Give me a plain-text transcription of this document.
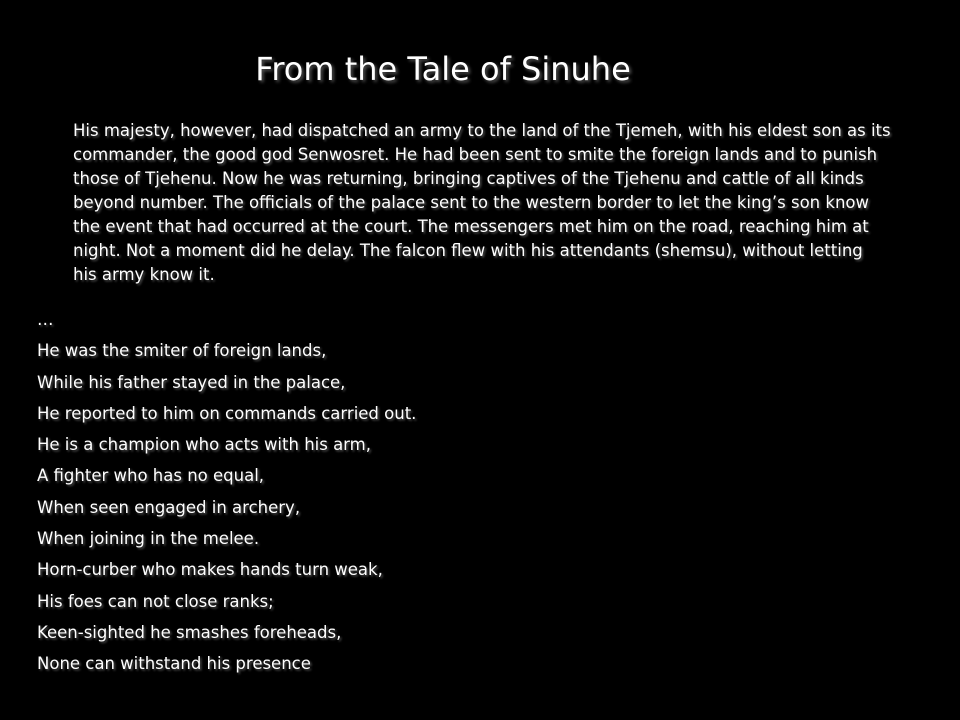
From the Tale of Sinuhe
His majesty, however, had dispatched an army to the land of the Tjemeh, with his eldest son as its
commander, the good god Senwosret. He had been sent to smite the foreign lands and to punish
those of Tjehenu. Now he was returning, bringing captives of the Tjehenu and cattle of all kinds
beyond number. The officials of the palace sent to the western border to let the king’s son know
the event that had occurred at the court. The messengers met him on the road, reaching him at
night. Not a moment did he delay. The falcon flew with his attendants (shemsu), without letting
his army know it.
…
He was the smiter of foreign lands,
While his father stayed in the palace,
He reported to him on commands carried out.
He is a champion who acts with his arm,
A fighter who has no equal,
When seen engaged in archery,
When joining in the melee.
Horn-curber who makes hands turn weak,
His foes can not close ranks;
Keen-sighted he smashes foreheads,
None can withstand his presence
